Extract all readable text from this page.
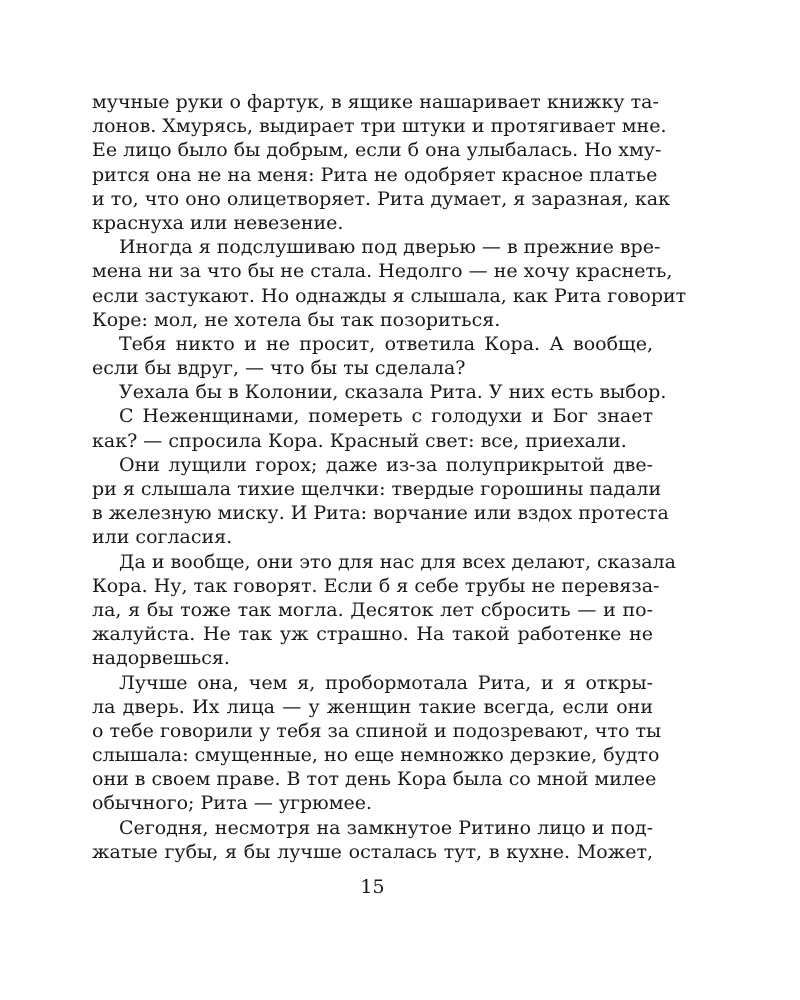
мучные руки о фартук, в ящике нашаривает книжку та-
лонов. Хмурясь, выдирает три штуки и протягивает мне.
Ее лицо было бы добрым, если б она улыбалась. Но хму-
рится она не на меня: Рита не одобряет красное платье
и то, что оно олицетворяет. Рита думает, я заразная, как
краснуха или невезение.
Иногда я подслушиваю под дверью — в прежние вре-
мена ни за что бы не стала. Недолго — не хочу краснеть,
если застукают. Но однажды я слышала, как Рита говорит
Коре: мол, не хотела бы так позориться.
Тебя никто и не просит, ответила Кора. А вообще,
если бы вдруг, — что бы ты сделала?
Уехала бы в Колонии, сказала Рита. У них есть выбор.
С Неженщинами, помереть с голодухи и Бог знает
как? — спросила Кора. Красный свет: все, приехали.
Они лущили горох; даже из-за полуприкрытой две-
ри я слышала тихие щелчки: твердые горошины падали
в железную миску. И Рита: ворчание или вздох протеста
или согласия.
Да и вообще, они это для нас для всех делают, сказала
Кора. Ну, так говорят. Если б я себе трубы не перевяза-
ла, я бы тоже так могла. Десяток лет сбросить — и по-
жалуйста. Не так уж страшно. На такой работенке не
надорвешься.
Лучше она, чем я, пробормотала Рита, и я откры-
ла дверь. Их лица — у женщин такие всегда, если они
о тебе говорили у тебя за спиной и подозревают, что ты
слышала: смущенные, но еще немножко дерзкие, будто
они в своем праве. В тот день Кора была со мной милее
обычного; Рита — угрюмее.
Сегодня, несмотря на замкнутое Ритино лицо и под-
жатые губы, я бы лучше осталась тут, в кухне. Может,
15
